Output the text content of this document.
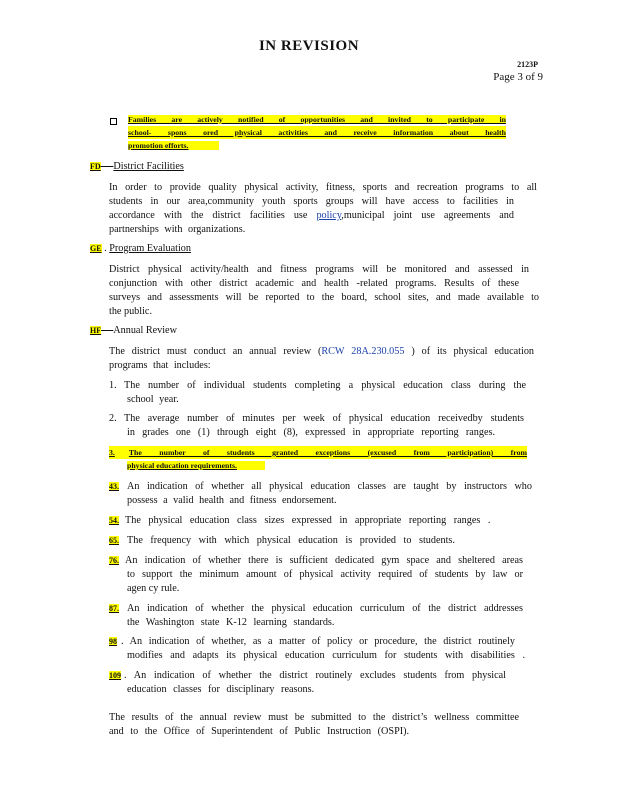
IN REVISION
2123P
Page 3 of 9
Families are actively notified of opportunities and invited to participate in
school- spons ored physical activities and receive information about health
promotion efforts.
FD— District Facilities
In order to provide quality physical activity, fitness, sports and recreation programs to all
students in our area,community youth sports groups will have access to facilities in
accordance with the district facilities use policy,municipal joint use agreements and
partnerships with organizations.
GE . Program Evaluation
District physical activity/health and fitness programs will be monitored and assessed in
conjunction with other district academic and health -related programs. Results of these
surveys and assessments will be reported to the board, school sites, and made available to
the public.
HF— Annual Review
The district must conduct an annual review (RCW 28A.230.055 ) of its physical education
programs that includes:
1. The number of individual students completing a physical education class during the
school year.
2. The average number of minutes per week of physical education receivedby students
in grades one (1) through eight (8), expressed in appropriate reporting ranges.
3. The number of students granted exceptions (excused from participation) from
physical education requirements.
43. An indication of whether all physical education classes are taught by instructors who
possess a valid health and fitness endorsement.
54. The physical education class sizes expressed in appropriate reporting ranges .
65. The frequency with which physical education is provided to students.
76. An indication of whether there is sufficient dedicated gym space and sheltered areas
to support the minimum amount of physical activity required of students by law or
agen cy rule.
87. An indication of whether the physical education curriculum of the district addresses
the Washington state K-12 learning standards.
98 . An indication of whether, as a matter of policy or procedure, the district routinely
modifies and adapts its physical education curriculum for students with disabilities .
109 . An indication of whether the district routinely excludes students from physical
education classes for disciplinary reasons.
The results of the annual review must be submitted to the district’s wellness committee
and to the Office of Superintendent of Public Instruction (OSPI).
